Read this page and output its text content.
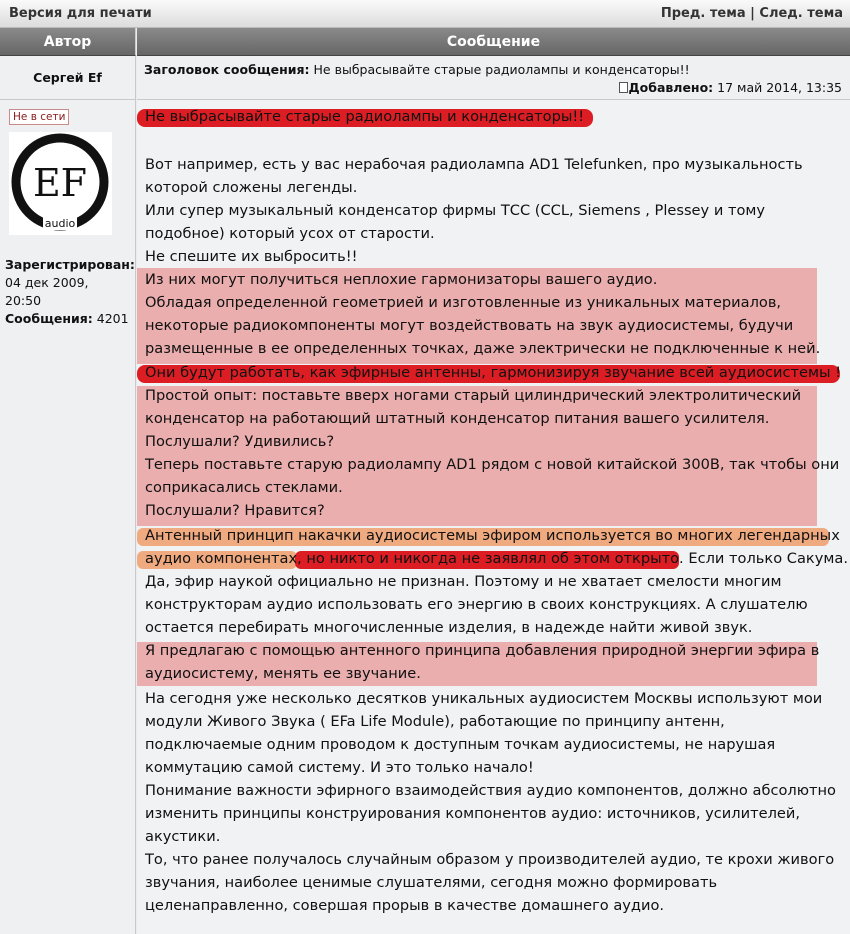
Версия для печати	Пред. тема | След. тема
Автор	Сообщение
Сергей Ef
Заголовок сообщения: Не выбрасывайте старые радиолампы и конденсаторы!!
Добавлено: 17 май 2014, 13:35
Не в сети
EF
audio
Зарегистрирован:
04 дек 2009,
20:50
Сообщения: 4201
Не выбрасывайте старые радиолампы и конденсаторы!!
Вот например, есть у вас нерабочая радиолампа AD1 Telefunken, про музыкальность
которой сложены легенды.
Или супер музыкальный конденсатор фирмы ТСС (CCL, Siemens , Plessey и тому
подобное) который усох от старости.
Не спешите их выбросить!!
Из них могут получиться неплохие гармонизаторы вашего аудио.
Обладая определенной геометрией и изготовленные из уникальных материалов,
некоторые радиокомпоненты могут воздействовать на звук аудиосистемы, будучи
размещенные в ее определенных точках, даже электрически не подключенные к ней.
Они будут работать, как эфирные антенны, гармонизируя звучание всей аудиосистемы !
Простой опыт: поставьте вверх ногами старый цилиндрический электролитический
конденсатор на работающий штатный конденсатор питания вашего усилителя.
Послушали? Удивились?
Теперь поставьте старую радиолампу AD1 рядом с новой китайской 300B, так чтобы они
соприкасались стеклами.
Послушали? Нравится?
Антенный принцип накачки аудиосистемы эфиром используется во многих легендарных
аудио компонентах, но никто и никогда не заявлял об этом открыто. Если только Сакума.
Да, эфир наукой официально не признан. Поэтому и не хватает смелости многим
конструкторам аудио использовать его энергию в своих конструкциях. А слушателю
остается перебирать многочисленные изделия, в надежде найти живой звук.
Я предлагаю с помощью антенного принципа добавления природной энергии эфира в
аудиосистему, менять ее звучание.
На сегодня уже несколько десятков уникальных аудиосистем Москвы используют мои
модули Живого Звука ( EFa Life Module), работающие по принципу антенн,
подключаемые одним проводом к доступным точкам аудиосистемы, не нарушая
коммутацию самой систему. И это только начало!
Понимание важности эфирного взаимодействия аудио компонентов, должно абсолютно
изменить принципы конструирования компонентов аудио: источников, усилителей,
акустики.
То, что ранее получалось случайным образом у производителей аудио, те крохи живого
звучания, наиболее ценимые слушателями, сегодня можно формировать
целенаправленно, совершая прорыв в качестве домашнего аудио.
